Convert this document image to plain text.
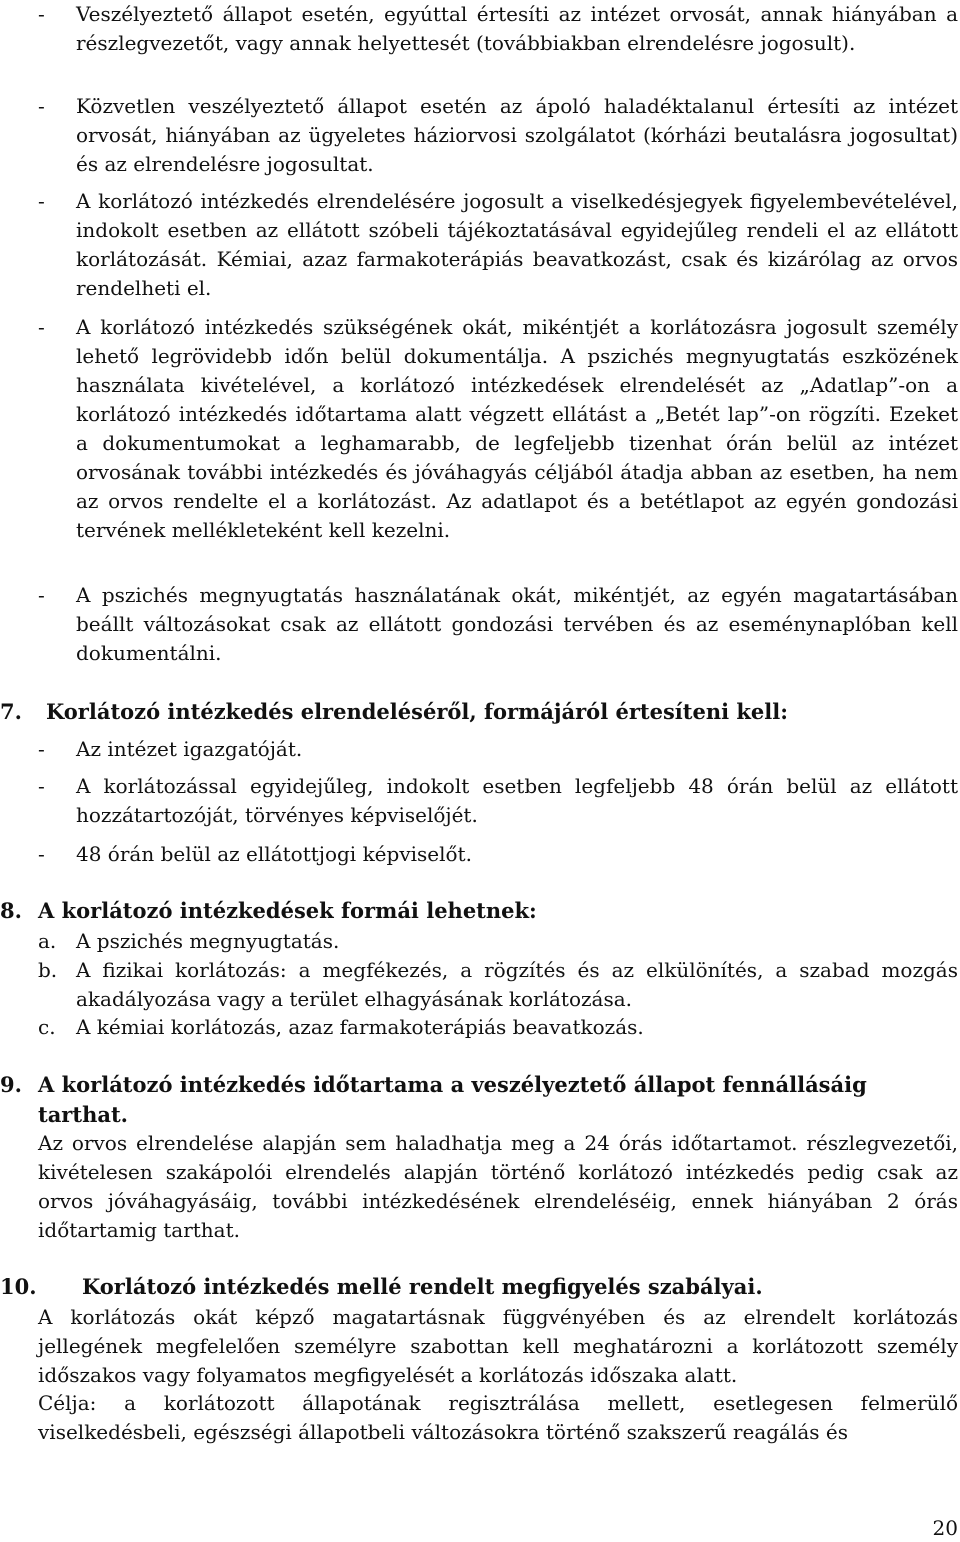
- Veszélyeztető állapot esetén, egyúttal értesíti az intézet orvosát, annak hiányában a részlegvezetőt, vagy annak helyettesét (továbbiakban elrendelésre jogosult).
- Közvetlen veszélyeztető állapot esetén az ápoló haladéktalanul értesíti az intézet orvosát, hiányában az ügyeletes háziorvosi szolgálatot (kórházi beutalásra jogosultat) és az elrendelésre jogosultat.
- A korlátozó intézkedés elrendelésére jogosult a viselkedésjegyek figyelembevételével, indokolt esetben az ellátott szóbeli tájékoztatásával egyidejűleg rendeli el az ellátott korlátozását. Kémiai, azaz farmakoterápiás beavatkozást, csak és kizárólag az orvos rendelheti el.
- A korlátozó intézkedés szükségének okát, mikéntjét a korlátozásra jogosult személy lehető legrövidebb időn belül dokumentálja. A pszichés megnyugtatás eszközének használata kivételével, a korlátozó intézkedések elrendelését az „Adatlap”-on a korlátozó intézkedés időtartama alatt végzett ellátást a „Betét lap”-on rögzíti. Ezeket a dokumentumokat a leghamarabb, de legfeljebb tizenhat órán belül az intézet orvosának további intézkedés és jóváhagyás céljából átadja abban az esetben, ha nem az orvos rendelte el a korlátozást. Az adatlapot és a betétlapot az egyén gondozási tervének mellékleteként kell kezelni.
- A pszichés megnyugtatás használatának okát, mikéntjét, az egyén magatartásában beállt változásokat csak az ellátott gondozási tervében és az eseménynaplóban kell dokumentálni.
7. Korlátozó intézkedés elrendeléséről, formájáról értesíteni kell:
- Az intézet igazgatóját.
- A korlátozással egyidejűleg, indokolt esetben legfeljebb 48 órán belül az ellátott hozzátartozóját, törvényes képviselőjét.
- 48 órán belül az ellátottjogi képviselőt.
8. A korlátozó intézkedések formái lehetnek:
a. A pszichés megnyugtatás.
b. A fizikai korlátozás: a megfékezés, a rögzítés és az elkülönítés, a szabad mozgás akadályozása vagy a terület elhagyásának korlátozása.
c. A kémiai korlátozás, azaz farmakoterápiás beavatkozás.
9. A korlátozó intézkedés időtartama a veszélyeztető állapot fennállásáig tarthat.
Az orvos elrendelése alapján sem haladhatja meg a 24 órás időtartamot. részlegvezetői, kivételesen szakápolói elrendelés alapján történő korlátozó intézkedés pedig csak az orvos jóváhagyásáig, további intézkedésének elrendeléséig, ennek hiányában 2 órás időtartamig tarthat.
10. Korlátozó intézkedés mellé rendelt megfigyelés szabályai.
A korlátozás okát képző magatartásnak függvényében és az elrendelt korlátozás jellegének megfelelően személyre szabottan kell meghatározni a korlátozott személy időszakos vagy folyamatos megfigyelését a korlátozás időszaka alatt.
Célja: a korlátozott állapotának regisztrálása mellett, esetlegesen felmerülő viselkedésbeli, egészségi állapotbeli változásokra történő szakszerű reagálás és
20
